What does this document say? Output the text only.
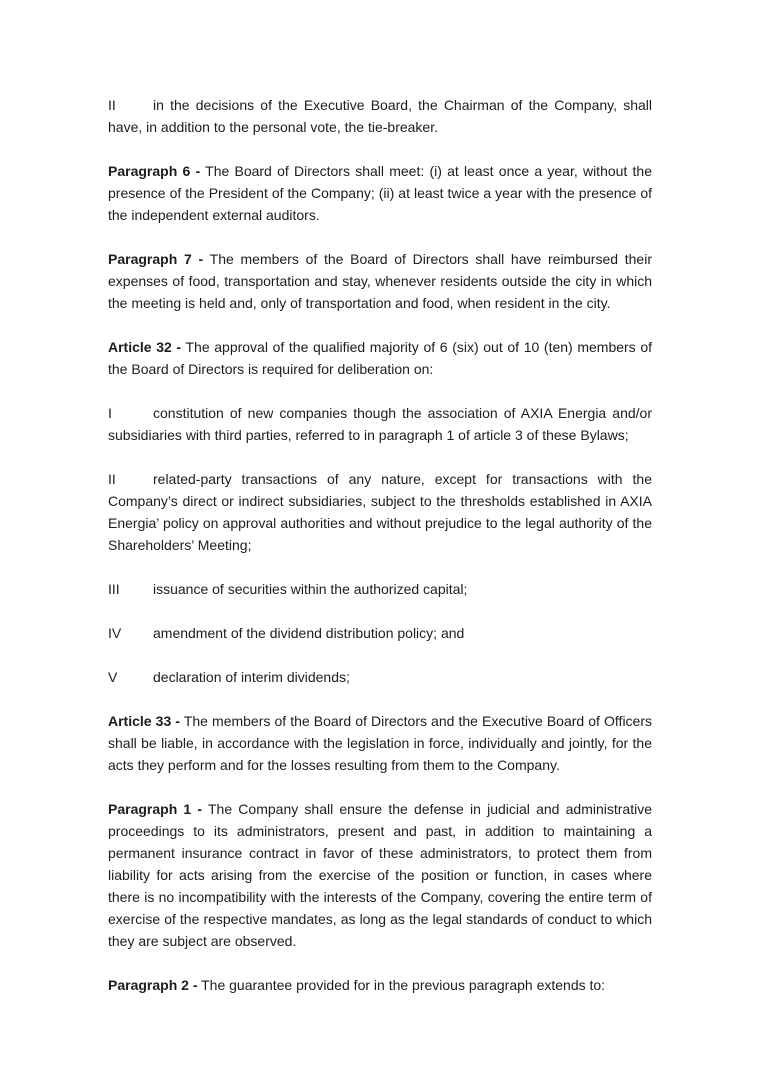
II	in the decisions of the Executive Board, the Chairman of the Company, shall have, in addition to the personal vote, the tie-breaker.

Paragraph 6 - The Board of Directors shall meet: (i) at least once a year, without the presence of the President of the Company; (ii) at least twice a year with the presence of the independent external auditors.

Paragraph 7 - The members of the Board of Directors shall have reimbursed their expenses of food, transportation and stay, whenever residents outside the city in which the meeting is held and, only of transportation and food, when resident in the city.

Article 32 - The approval of the qualified majority of 6 (six) out of 10 (ten) members of the Board of Directors is required for deliberation on:

I	constitution of new companies though the association of AXIA Energia and/or subsidiaries with third parties, referred to in paragraph 1 of article 3 of these Bylaws;

II	related-party transactions of any nature, except for transactions with the Company’s direct or indirect subsidiaries, subject to the thresholds established in AXIA Energia’ policy on approval authorities and without prejudice to the legal authority of the Shareholders’ Meeting;

III issuance of securities within the authorized capital;

IV amendment of the dividend distribution policy; and

V	declaration of interim dividends;

Article 33 - The members of the Board of Directors and the Executive Board of Officers shall be liable, in accordance with the legislation in force, individually and jointly, for the acts they perform and for the losses resulting from them to the Company.

Paragraph 1 - The Company shall ensure the defense in judicial and administrative proceedings to its administrators, present and past, in addition to maintaining a permanent insurance contract in favor of these administrators, to protect them from liability for acts arising from the exercise of the position or function, in cases where there is no incompatibility with the interests of the Company, covering the entire term of exercise of the respective mandates, as long as the legal standards of conduct to which they are subject are observed.

Paragraph 2 - The guarantee provided for in the previous paragraph extends to:
